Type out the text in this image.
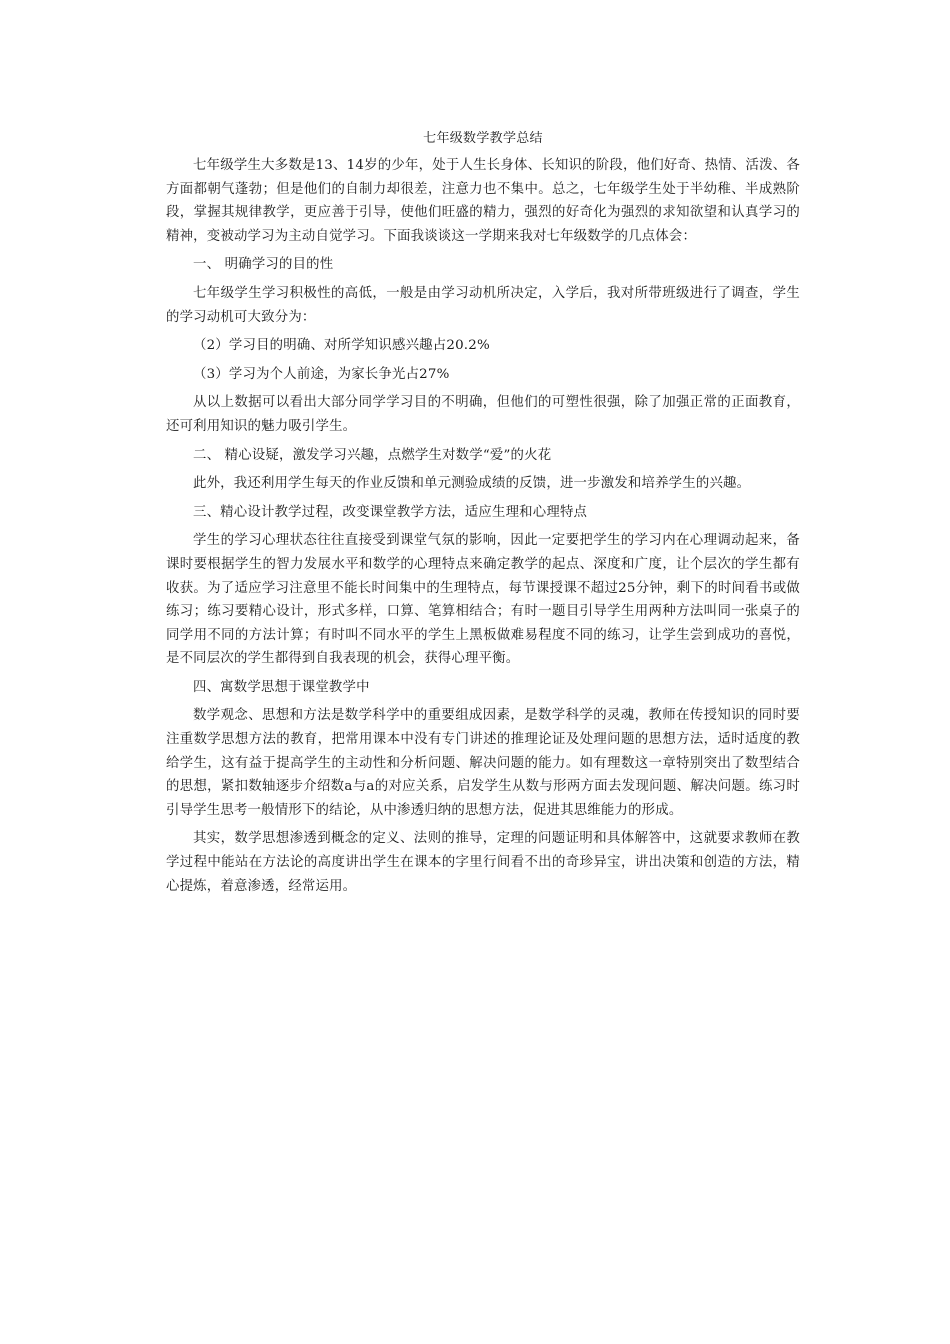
七年级数学教学总结

七年级学生大多数是13、14岁的少年，处于人生长身体、长知识的阶段，他们好奇、热情、活泼、各方面都朝气蓬勃；但是他们的自制力却很差，注意力也不集中。总之，七年级学生处于半幼稚、半成熟阶段，掌握其规律教学，更应善于引导，使他们旺盛的精力，强烈的好奇化为强烈的求知欲望和认真学习的精神，变被动学习为主动自觉学习。下面我谈谈这一学期来我对七年级数学的几点体会：

一、 明确学习的目的性

七年级学生学习积极性的高低，一般是由学习动机所决定，入学后，我对所带班级进行了调查，学生的学习动机可大致分为：

（2）学习目的明确、对所学知识感兴趣占20.2%

（3）学习为个人前途，为家长争光占27%

从以上数据可以看出大部分同学学习目的不明确，但他们的可塑性很强，除了加强正常的正面教育，还可利用知识的魅力吸引学生。

二、 精心设疑，激发学习兴趣，点燃学生对数学“爱”的火花

此外，我还利用学生每天的作业反馈和单元测验成绩的反馈，进一步激发和培养学生的兴趣。

三、精心设计教学过程，改变课堂教学方法，适应生理和心理特点

学生的学习心理状态往往直接受到课堂气氛的影响，因此一定要把学生的学习内在心理调动起来，备课时要根据学生的智力发展水平和数学的心理特点来确定教学的起点、深度和广度，让个层次的学生都有收获。为了适应学习注意里不能长时间集中的生理特点，每节课授课不超过25分钟，剩下的时间看书或做练习；练习要精心设计，形式多样，口算、笔算相结合；有时一题目引导学生用两种方法叫同一张桌子的同学用不同的方法计算；有时叫不同水平的学生上黑板做难易程度不同的练习，让学生尝到成功的喜悦，是不同层次的学生都得到自我表现的机会，获得心理平衡。

四、寓数学思想于课堂教学中

数学观念、思想和方法是数学科学中的重要组成因素，是数学科学的灵魂，教师在传授知识的同时要注重数学思想方法的教育，把常用课本中没有专门讲述的推理论证及处理问题的思想方法，适时适度的教给学生，这有益于提高学生的主动性和分析问题、解决问题的能力。如有理数这一章特别突出了数型结合的思想，紧扣数轴逐步介绍数a与a的对应关系，启发学生从数与形两方面去发现问题、解决问题。练习时引导学生思考一般情形下的结论，从中渗透归纳的思想方法，促进其思维能力的形成。

其实，数学思想渗透到概念的定义、法则的推导，定理的问题证明和具体解答中，这就要求教师在教学过程中能站在方法论的高度讲出学生在课本的字里行间看不出的奇珍异宝，讲出决策和创造的方法，精心提炼，着意渗透，经常运用。
